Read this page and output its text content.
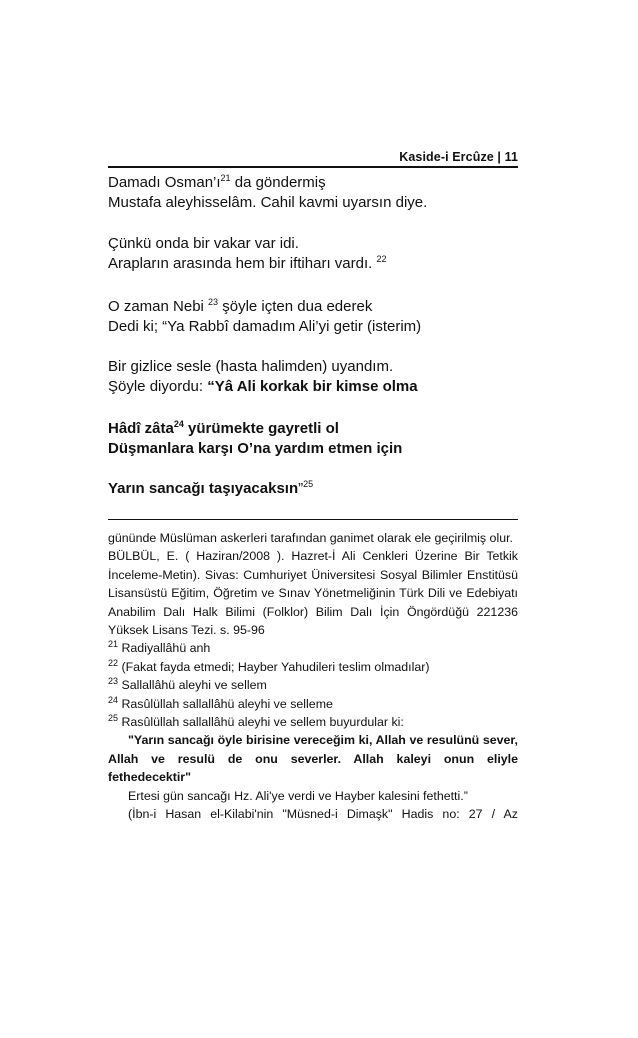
Kaside-i Ercûze | 11
Damadı $Osman’ı^{21}$ da göndermiş
Mustafa aleyhisselâm. Cahil kavmi uyarsın diye.
Çünkü onda bir vakar var idi.
Arapların arasında hem bir iftiharı vardı. $^{22}$
O zaman Nebi $^{23}$ şöyle içten dua ederek
Dedi ki; “Ya Rabbî damadım Ali’yi getir (isterim)
Bir gizlice sesle (hasta halimden) uyandım.
Şöyle diyordu: “Yâ Ali korkak bir kimse olma
Hâdî zâta$^{24}$ yürümekte gayretli ol
Düşmanlara karşı O’na yardım etmen için
Yarın sancağı taşıyacaksın”$^{25}$

gününde Müslüman askerleri tarafından ganimet olarak ele geçirilmiş olur.

BÜLBÜL, E. ( Haziran/2008 ). Hazret-İ Ali Cenkleri Üzerine Bir Tetkik İnceleme-Metin). Sivas: Cumhuriyet Üniversitesi Sosyal Bilimler Enstitüsü Lisansüstü Eğitim, Öğretim ve Sınav Yönetmeliğinin Türk Dili ve Edebiyatı Anabilim Dalı Halk Bilimi (Folklor) Bilim Dalı İçin Öngördüğü 221236 Yüksek Lisans Tezi. s. 95-96

$^{21}$ Radiyallâhü anh

$^{22}$ (Fakat fayda etmedi; Hayber Yahudileri teslim olmadılar)

$^{23}$ Sallallâhü aleyhi ve sellem

$^{24}$ Rasûlüllah sallallâhü aleyhi ve selleme

$^{25}$ Rasûlüllah sallallâhü aleyhi ve sellem buyurdular ki:

"Yarın sancağı öyle birisine vereceğim ki, Allah ve resulünü sever, Allah ve resulü de onu severler. Allah kaleyi onun eliyle fethedecektir"

Ertesi gün sancağı Hz. Ali'ye verdi ve Hayber kalesini fethetti.”

(İbn-i Hasan el-Kilabi'nin "Müsned-i Dimaşk" Hadis no: 27 / Az
